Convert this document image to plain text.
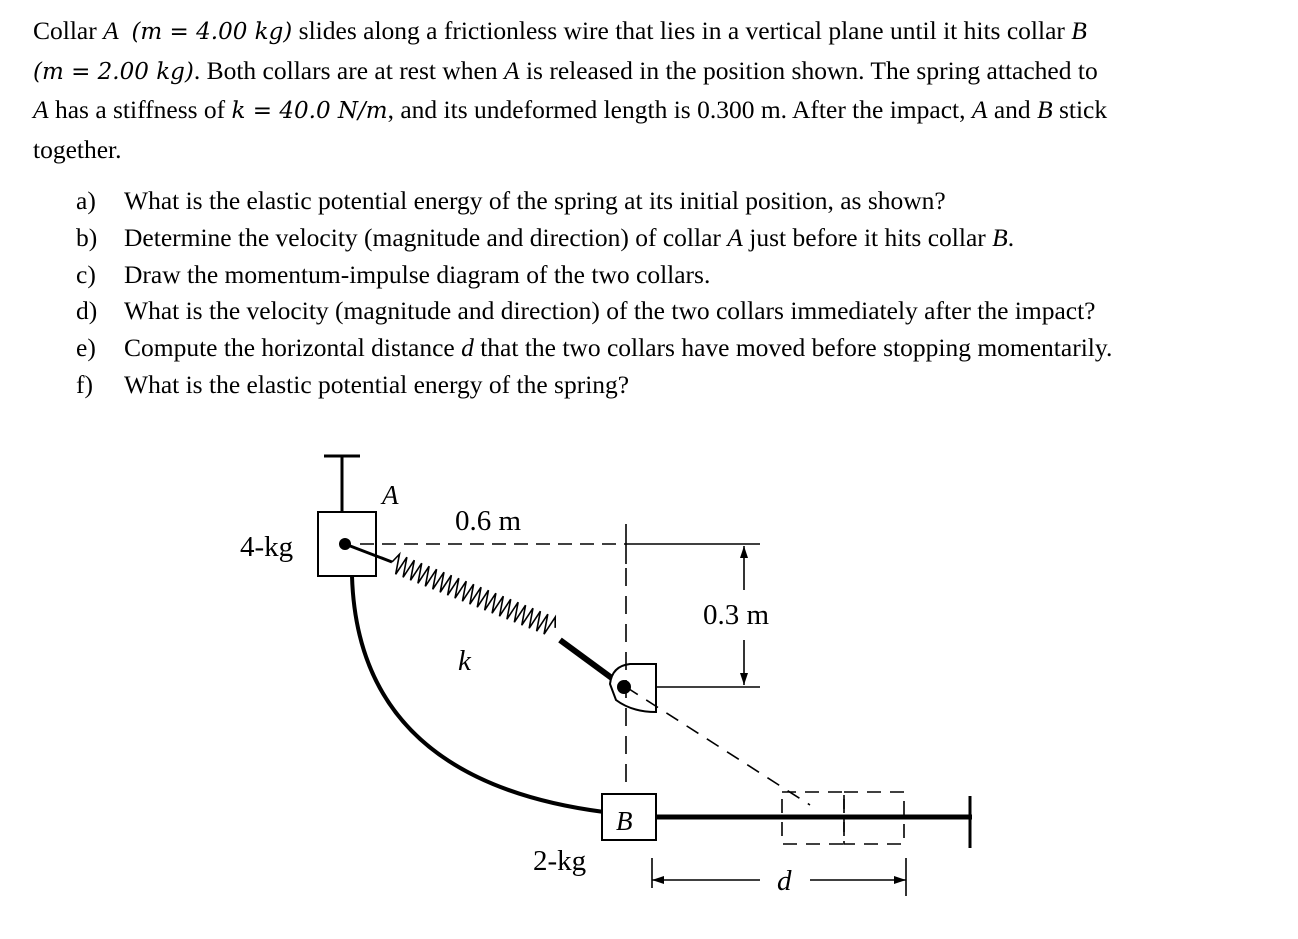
Collar A (m = 4.00 kg) slides along a frictionless wire that lies in a vertical plane until it hits collar B
(m = 2.00 kg). Both collars are at rest when A is released in the position shown. The spring attached to
A has a stiffness of k = 40.0 N/m, and its undeformed length is 0.300 m. After the impact, A and B stick
together.
a) What is the elastic potential energy of the spring at its initial position, as shown?
b) Determine the velocity (magnitude and direction) of collar A just before it hits collar B.
c) Draw the momentum-impulse diagram of the two collars.
d) What is the velocity (magnitude and direction) of the two collars immediately after the impact?
e) Compute the horizontal distance d that the two collars have moved before stopping momentarily.
f) What is the elastic potential energy of the spring?
A
4-kg
0.6 m
0.3 m
k
B
2-kg
d
